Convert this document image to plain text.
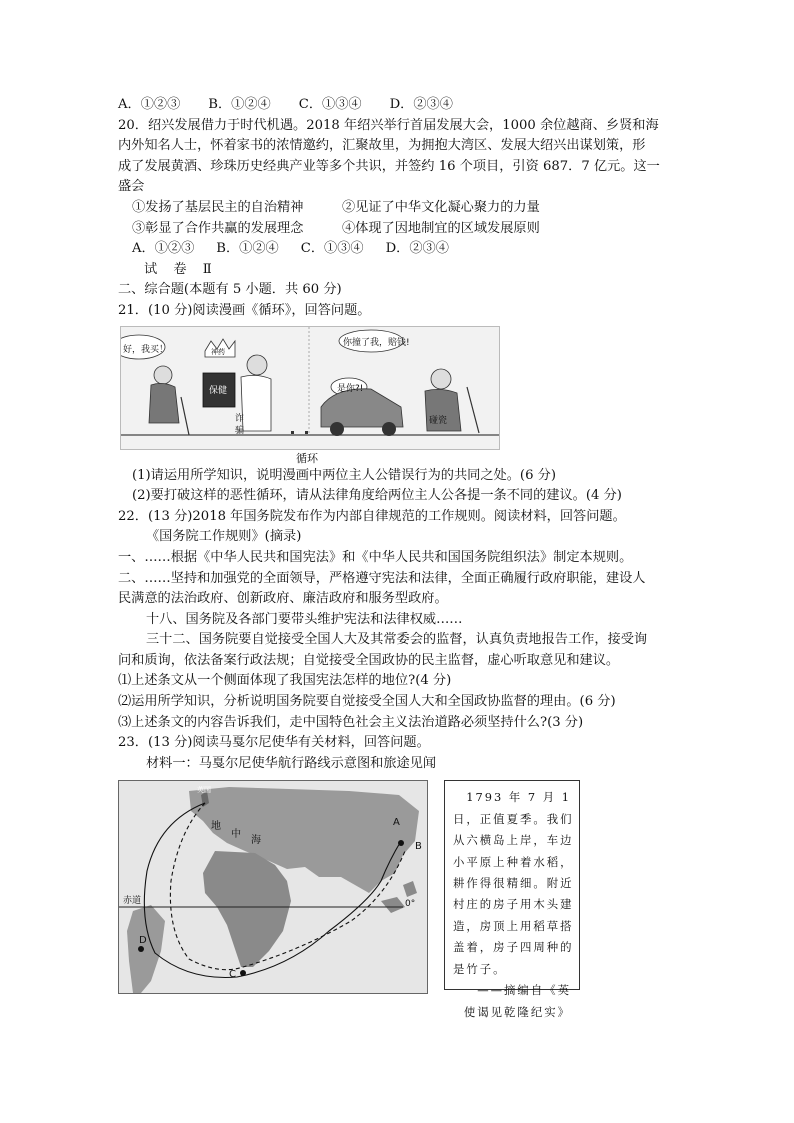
A．①②③ B．①②④ C．①③④ D．②③④
20．绍兴发展借力于时代机遇。2018 年绍兴举行首届发展大会，1000 余位越商、乡贤和海
内外知名人士，怀着家书的浓情邀约，汇聚故里，为拥抱大湾区、发展大绍兴出谋划策，形
成了发展黄酒、珍珠历史经典产业等多个共识，并签约 16 个项目，引资 687．7 亿元。这一
盛会
①发扬了基层民主的自治精神	②见证了中华文化凝心聚力的力量
③彰显了合作共赢的发展理念	④体现了因地制宜的区域发展原则
A．①②③ B．①②④ C．①③④ D．②③④
试 卷 Ⅱ
二、综合题(本题有 5 小题．共 60 分)
21．(10 分)阅读漫画《循环》，回答问题。
好，我买！
你撞了我，赔钱!
是你?!
保健
神药
诈
骗
碰瓷
循环
(1)请运用所学知识，说明漫画中两位主人公错误行为的共同之处。(6 分)
(2)要打破这样的恶性循环，请从法律角度给两位主人公各提一条不同的建议。(4 分)
22．(13 分)2018 年国务院发布作为内部自律规范的工作规则。阅读材料，回答问题。
《国务院工作规则》(摘录)
一、……根据《中华人民共和国宪法》和《中华人民共和国国务院组织法》制定本规则。
二、……坚持和加强党的全面领导，严格遵守宪法和法律，全面正确履行政府职能，建设人
民满意的法治政府、创新政府、廉洁政府和服务型政府。
十八、国务院及各部门要带头维护宪法和法律权威……
三十二、国务院要自觉接受全国人大及其常委会的监督，认真负责地报告工作，接受询
问和质询，依法备案行政法规；自觉接受全国政协的民主监督，虚心听取意见和建议。
⑴上述条文从一个侧面体现了我国宪法怎样的地位?(4 分)
⑵运用所学知识，分析说明国务院要自觉接受全国人大和全国政协监督的理由。(6 分)
⑶上述条文的内容告诉我们，走中国特色社会主义法治道路必须坚持什么?(3 分)
23．(13 分)阅读马戛尔尼使华有关材料，回答问题。
材料一：马戛尔尼使华航行路线示意图和旅途见闻
英国
地
中
海
A
B
C
D
赤道	0°
1793 年 7 月 1
日，正值夏季。我们
从六横岛上岸，车边
小平原上种着水稻，
耕作得很精细。附近
村庄的房子用木头建
造，房顶上用稻草搭
盖着，房子四周种的
是竹子。
——摘编自《英
使谒见乾隆纪实》
